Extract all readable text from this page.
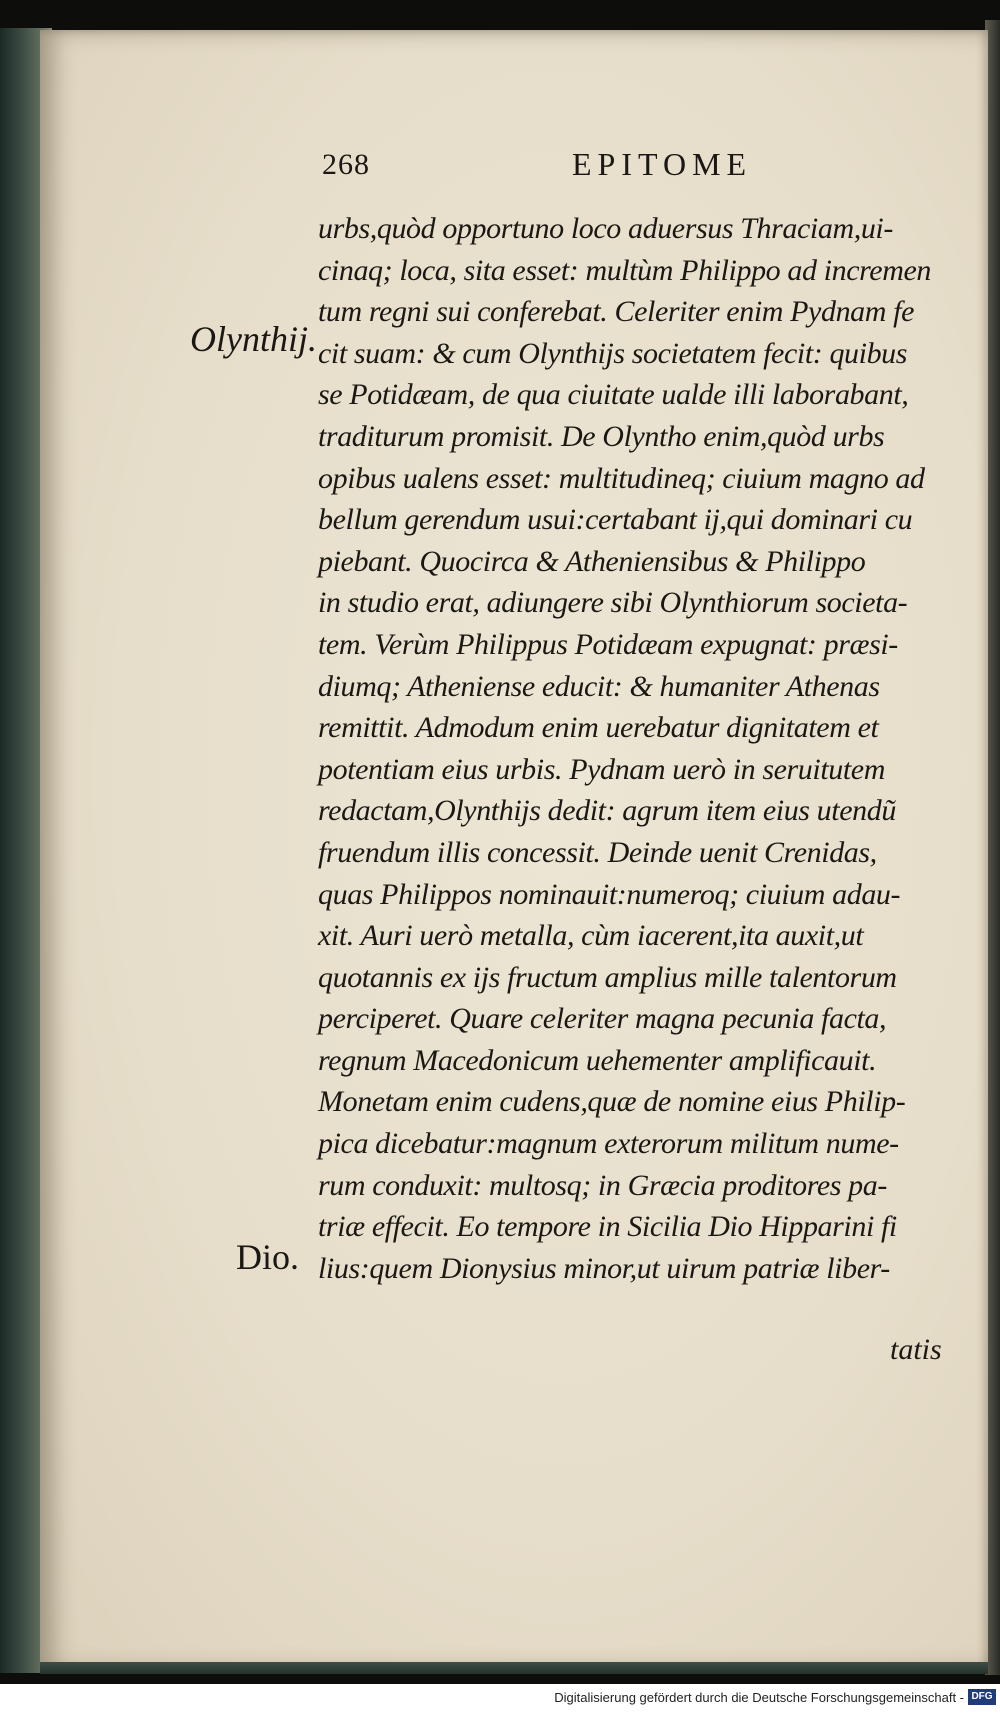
268	EPITOME
Olynthij.
Dio.
urbs,quòd opportuno loco aduersus Thraciam,ui-
cinaq; loca, sita esset: multùm Philippo ad incremen
tum regni sui conferebat. Celeriter enim Pydnam fe
cit suam: & cum Olynthijs societatem fecit: quibus
se Potidæam, de qua ciuitate ualde illi laborabant,
traditurum promisit. De Olyntho enim,quòd urbs
opibus ualens esset: multitudineq; ciuium magno ad
bellum gerendum usui:certabant ij,qui dominari cu
piebant. Quocirca & Atheniensibus & Philippo
in studio erat, adiungere sibi Olynthiorum societa-
tem. Verùm Philippus Potidæam expugnat: præsi-
diumq; Atheniense educit: & humaniter Athenas
remittit. Admodum enim uerebatur dignitatem et
potentiam eius urbis. Pydnam uerò in seruitutem
redactam,Olynthijs dedit: agrum item eius utendũ
fruendum illis concessit. Deinde uenit Crenidas,
quas Philippos nominauit:numeroq; ciuium adau-
xit. Auri uerò metalla, cùm iacerent,ita auxit,ut
quotannis ex ijs fructum amplius mille talentorum
perciperet. Quare celeriter magna pecunia facta,
regnum Macedonicum uehementer amplificauit.
Monetam enim cudens,quæ de nomine eius Philip-
pica dicebatur:magnum exterorum militum nume-
rum conduxit: multosq; in Græcia proditores pa-
triæ effecit. Eo tempore in Sicilia Dio Hipparini fi
lius:quem Dionysius minor,ut uirum patriæ liber-
tatis
Digitalisierung gefördert durch die Deutsche Forschungsgemeinschaft - DFG
